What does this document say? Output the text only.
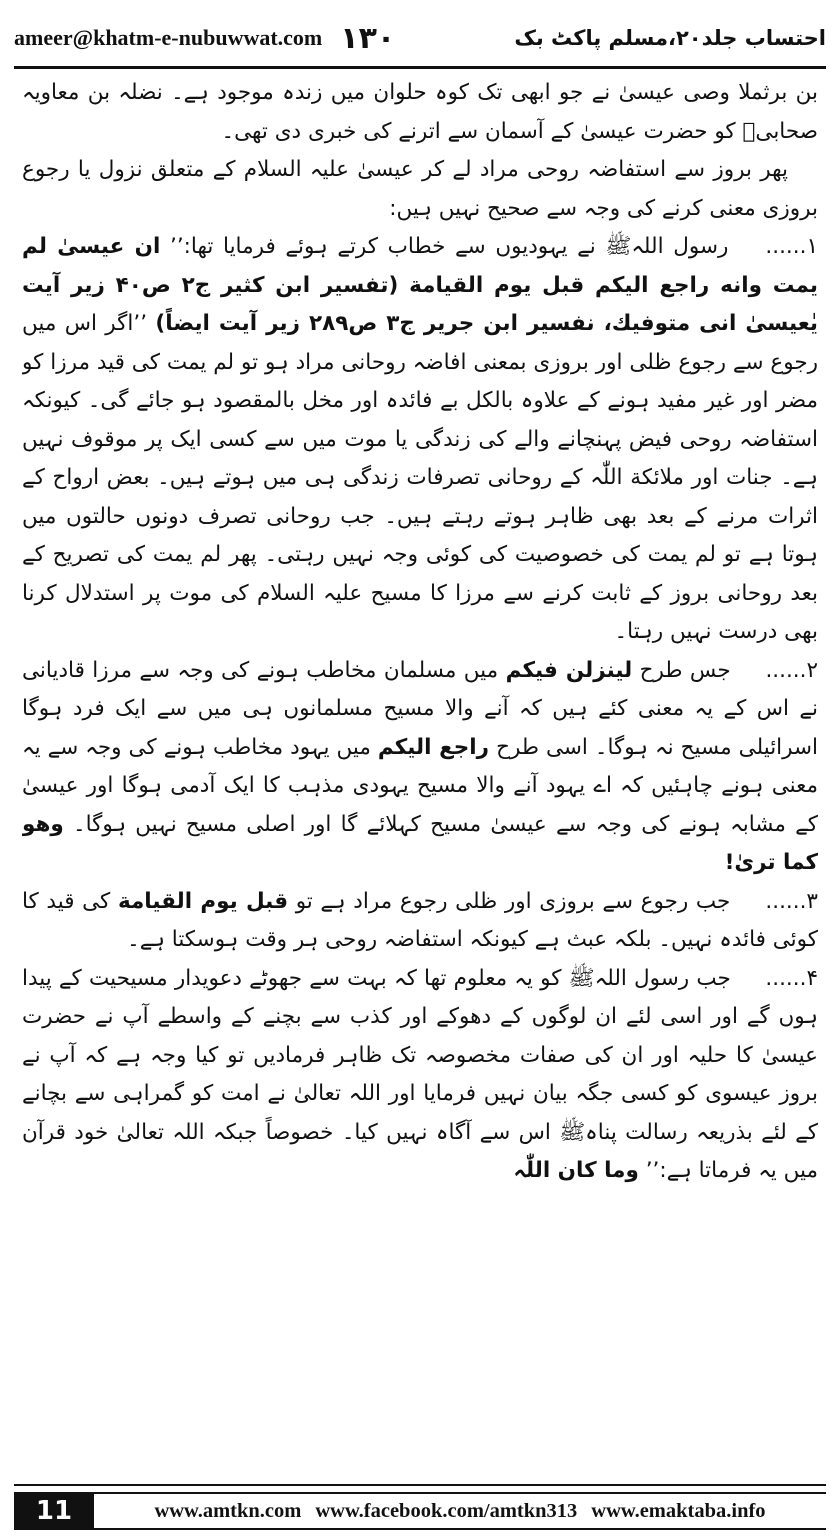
ameer@khatm-e-nubuwwat.com ۱۳۰	احتساب جلد۲۰،مسلم پاکٹ بک

بن برثملا وصی عیسیٰ نے جو ابھی تک کوہ حلوان میں زندہ موجود ہے۔ نضلہ بن معاویہ صحابیؓ کو حضرت عیسیٰ کے آسمان سے اترنے کی خبری دی تھی۔

پھر بروز سے استفاضہ روحی مراد لے کر عیسیٰ علیہ السلام کے متعلق نزول یا رجوع بروزی معنی کرنے کی وجہ سے صحیح نہیں ہیں:

۱...... رسول اللہﷺ نے یہودیوں سے خطاب کرتے ہوئے فرمایا تھا:’’ ان عیسیٰ لم یمت وانه راجع الیکم قبل یوم القیامة (تفسیر ابن کثیر ج۲ ص۴۰ زیر آیت یٰعیسیٰ انی متوفیك، نفسیر ابن جریر ج۳ ص۲۸۹ زیر آیت ایضاً) ’’اگر اس میں رجوع سے رجوع ظلی اور بروزی بمعنی افاضہ روحانی مراد ہو تو لم یمت کی قید مرزا کو مضر اور غیر مفید ہونے کے علاوہ بالکل بے فائدہ اور مخل بالمقصود ہو جائے گی۔ کیونکہ استفاضہ روحی فیض پہنچانے والے کی زندگی یا موت میں سے کسی ایک پر موقوف نہیں ہے۔ جنات اور ملائکة اللّٰہ کے روحانی تصرفات زندگی ہی میں ہوتے ہیں۔ بعض ارواح کے اثرات مرنے کے بعد بھی ظاہر ہوتے رہتے ہیں۔ جب روحانی تصرف دونوں حالتوں میں ہوتا ہے تو لم یمت کی خصوصیت کی کوئی وجہ نہیں رہتی۔ پھر لم یمت کی تصریح کے بعد روحانی بروز کے ثابت کرنے سے مرزا کا مسیح علیہ السلام کی موت پر استدلال کرنا بھی درست نہیں رہتا۔

۲...... جس طرح لینزلن فیکم میں مسلمان مخاطب ہونے کی وجہ سے مرزا قادیانی نے اس کے یہ معنی کئے ہیں کہ آنے والا مسیح مسلمانوں ہی میں سے ایک فرد ہوگا اسرائیلی مسیح نہ ہوگا۔ اسی طرح راجع الیکم میں یہود مخاطب ہونے کی وجہ سے یہ معنی ہونے چاہئیں کہ اے یہود آنے والا مسیح یہودی مذہب کا ایک آدمی ہوگا اور عیسیٰ کے مشابہ ہونے کی وجہ سے عیسیٰ مسیح کہلائے گا اور اصلی مسیح نہیں ہوگا۔ وهو کما تریٰ!

۳...... جب رجوع سے بروزی اور ظلی رجوع مراد ہے تو قبل یوم القیامة کی قید کا کوئی فائدہ نہیں۔ بلکہ عبث ہے کیونکہ استفاضہ روحی ہر وقت ہوسکتا ہے۔

۴...... جب رسول اللہﷺ کو یہ معلوم تھا کہ بہت سے جھوٹے دعویدار مسیحیت کے پیدا ہوں گے اور اسی لئے ان لوگوں کے دھوکے اور کذب سے بچنے کے واسطے آپ نے حضرت عیسیٰ کا حلیہ اور ان کی صفات مخصوصہ تک ظاہر فرمادیں تو کیا وجہ ہے کہ آپ نے بروز عیسوی کو کسی جگہ بیان نہیں فرمایا اور اللہ تعالیٰ نے امت کو گمراہی سے بچانے کے لئے بذریعہ رسالت پناہﷺ اس سے آگاہ نہیں کیا۔ خصوصاً جبکہ اللہ تعالیٰ خود قرآن میں یہ فرماتا ہے:’’ وما کان اللّٰہ

11	www.amtkn.com www.facebook.com/amtkn313 www.emaktaba.info
